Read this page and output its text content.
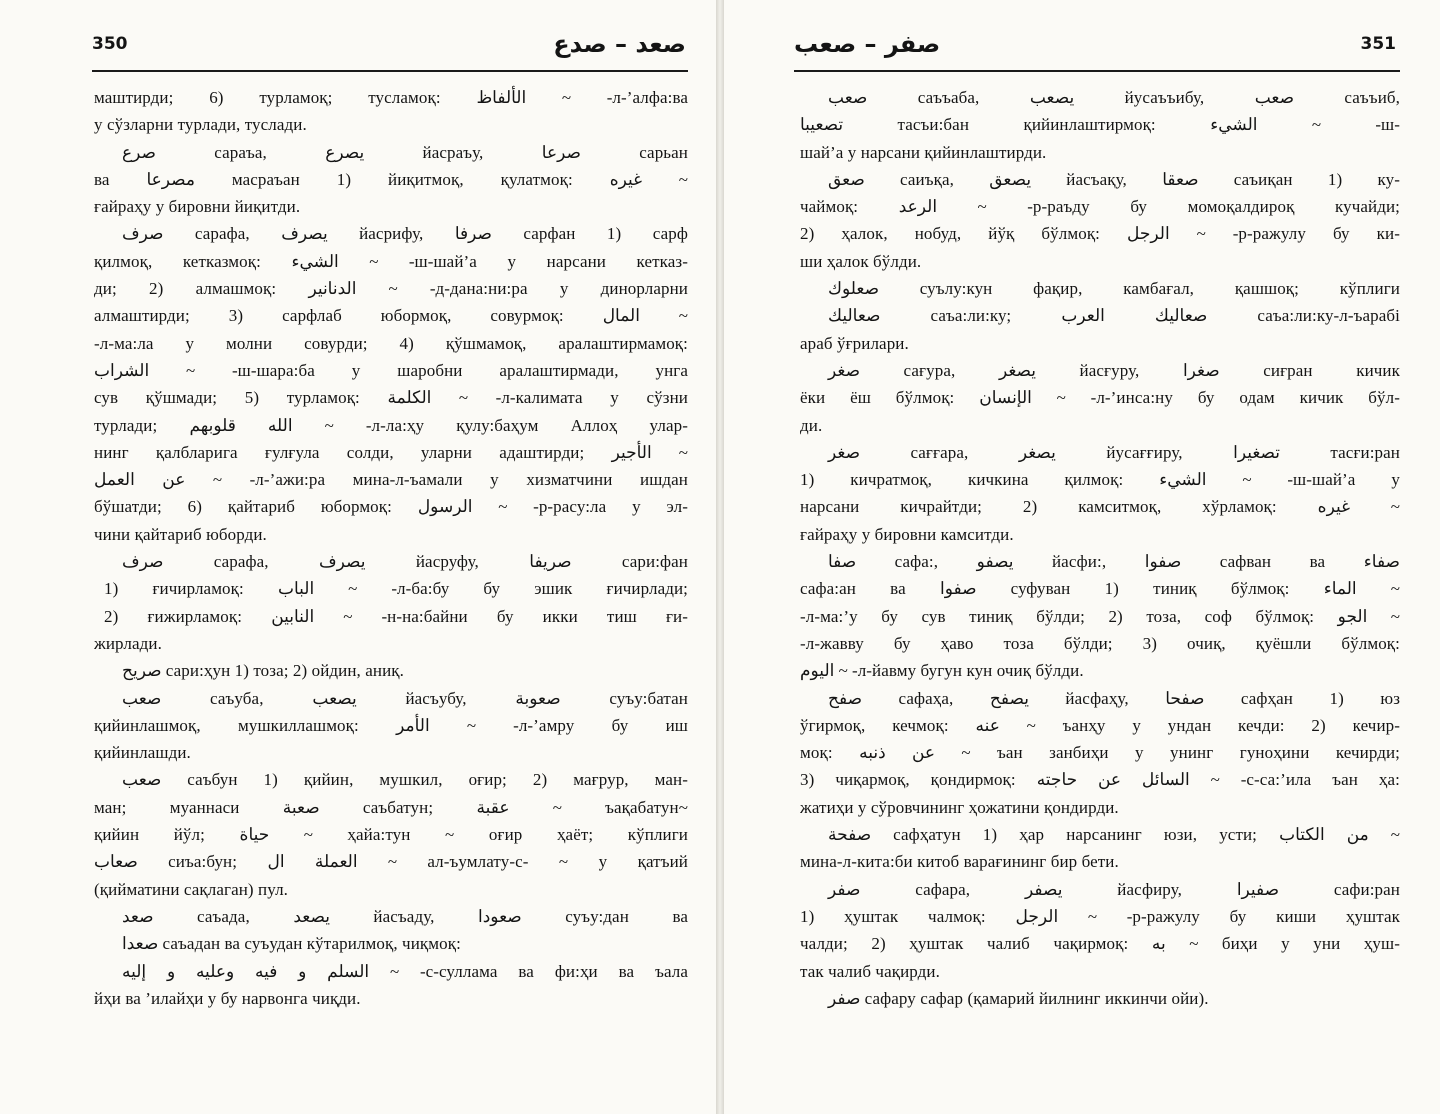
350	صعد – صدع
маштирди; 6) турламоқ; тусламоқ: الألفاظ ~ -л-’алфа:ва
у сўзларни турлади, туслади.
صرع сараъа, يصرع йасраъу, صرعا сарьан
ва مصرعا масраъан 1) йиқитмоқ, қулатмоқ: غيره ~
ғайраҳу у бировни йиқитди.
صرف сарафа, يصرف йасрифу, صرفا сарфан 1) сарф
қилмоқ, кетказмоқ: الشيء ~ -ш-шай’а у нарсани кетказ-
ди; 2) алмашмоқ: الدنانير ~ -д-дана:ни:ра у динорларни
алмаштирди; 3) сарфлаб юбормоқ, совурмоқ: المال ~
-л-ма:ла у молни совурди; 4) қўшмамоқ, аралаштирмамоқ:
الشراب ~ -ш-шара:ба у шаробни аралаштирмади, унга
сув қўшмади; 5) турламоқ: الكلمة ~ -л-калимата у сўзни
турлади; الله قلوبهم ~ -л-ла:ҳу қулу:баҳум Аллоҳ улар-
нинг қалбларига ғулғула солди, уларни адаштирди; الأجير ~
عن العمل ~ -л-’ажи:ра мина-л-ъамали у хизматчини ишдан
бўшатди; 6) қайтариб юбормоқ: الرسول ~ -р-расу:ла у эл-
чини қайтариб юборди.
صرف сарафа, يصرف йасруфу, صريفا сари:фан
1) ғичирламоқ: الباب ~ -л-ба:бу бу эшик ғичирлади;
2) ғижирламоқ: النابين ~ -н-на:байни бу икки тиш ғи-
жирлади.
صريح сари:ҳун 1) тоза; 2) ойдин, аниқ.
صعب саъуба, يصعب йасъубу, صعوبة суъу:батан
қийинлашмоқ, мушкиллашмоқ: الأمر ~ -л-’амру бу иш
қийинлашди.
صعب саъбун 1) қийин, мушкил, оғир; 2) мағрур, ман-
ман; муаннаси صعبة саъбатун; عقبة ~ ъақабатун~
қийин йўл; حياة ~ ҳайа:тун ~ оғир ҳаёт; кўплиги
صعاب сиъа:бун; العملة ال ~ ал-ъумлату-с- ~ у қатъий
(қийматини сақлаган) пул.
صعد саъада, يصعد йасъаду, صعودا суъу:дан ва
صعدا саъадан ва суъудан кўтарилмоқ, чиқмоқ:
السلم و فيه وعليه و إليه ~ -с-суллама ва фи:ҳи ва ъала
йҳи ва ’илайҳи у бу нарвонга чиқди.
صفر – صعب	351
صعب саъъаба, يصعب йусаъъибу, صعب саъъиб,
تصعيبا тасъи:бан қийинлаштирмоқ: الشيء ~ -ш-
шай’а у нарсани қийинлаштирди.
صعق саиъқа, يصعق йасъақу, صعقا саъиқан 1) ку-
чаймоқ: الرعد ~ -р-раъду бу момоқалдироқ кучайди;
2) ҳалок, нобуд, йўқ бўлмоқ: الرجل ~ -р-ражулу бу ки-
ши ҳалок бўлди.
صعلوك суълу:кун фақир, камбағал, қашшоқ; кўплиги
صعاليك саъа:ли:ку; صعاليك العرب саъа:ли:ку-л-ъарабi
араб ўғрилари.
صغر сағура, يصغر йасғуру, صغرا сиғран кичик
ёки ёш бўлмоқ: الإنسان ~ -л-’инса:ну бу одам кичик бўл-
ди.
صغر сағғара, يصغر йусағғиру, تصغيرا тасғи:ран
1) кичратмоқ, кичкина қилмоқ: الشيء ~ -ш-шай’а у
нарсани кичрайтди; 2) камситмоқ, хўрламоқ: غيره ~
ғайраҳу у бировни камситди.
صفا сафа:, يصفو йасфи:, صفوا сафван ва صفاء
сафа:ан ва صفوا суфуван 1) тиниқ бўлмоқ: الماء ~
-л-ма:’у бу сув тиниқ бўлди; 2) тоза, соф бўлмоқ: الجو ~
-л-жавву бу ҳаво тоза бўлди; 3) очиқ, қуёшли бўлмоқ:
اليوم ~ -л-йавму бугун кун очиқ бўлди.
صفح сафаҳа, يصفح йасфаҳу, صفحا сафҳан 1) юз
ўгирмоқ, кечмоқ: عنه ~ ъанҳу у ундан кечди: 2) кечир-
моқ: عن ذنبه ~ ъан занбиҳи у унинг гуноҳини кечирди;
3) чиқармоқ, қондирмоқ: السائل عن حاجته ~ -с-са:’ила ъан ҳа:
жатиҳи у сўровчининг ҳожатини қондирди.
صفحة сафҳатун 1) ҳар нарсанинг юзи, усти; من الكتاب ~
мина-л-кита:би китоб варағининг бир бети.
صفر сафара, يصفر йасфиру, صفيرا сафи:ран
1) ҳуштак чалмоқ: الرجل ~ -р-ражулу бу киши ҳуштак
чалди; 2) ҳуштак чалиб чақирмоқ: به ~ биҳи у уни ҳуш-
так чалиб чақирди.
صفر сафару сафар (қамарий йилнинг иккинчи ойи).
